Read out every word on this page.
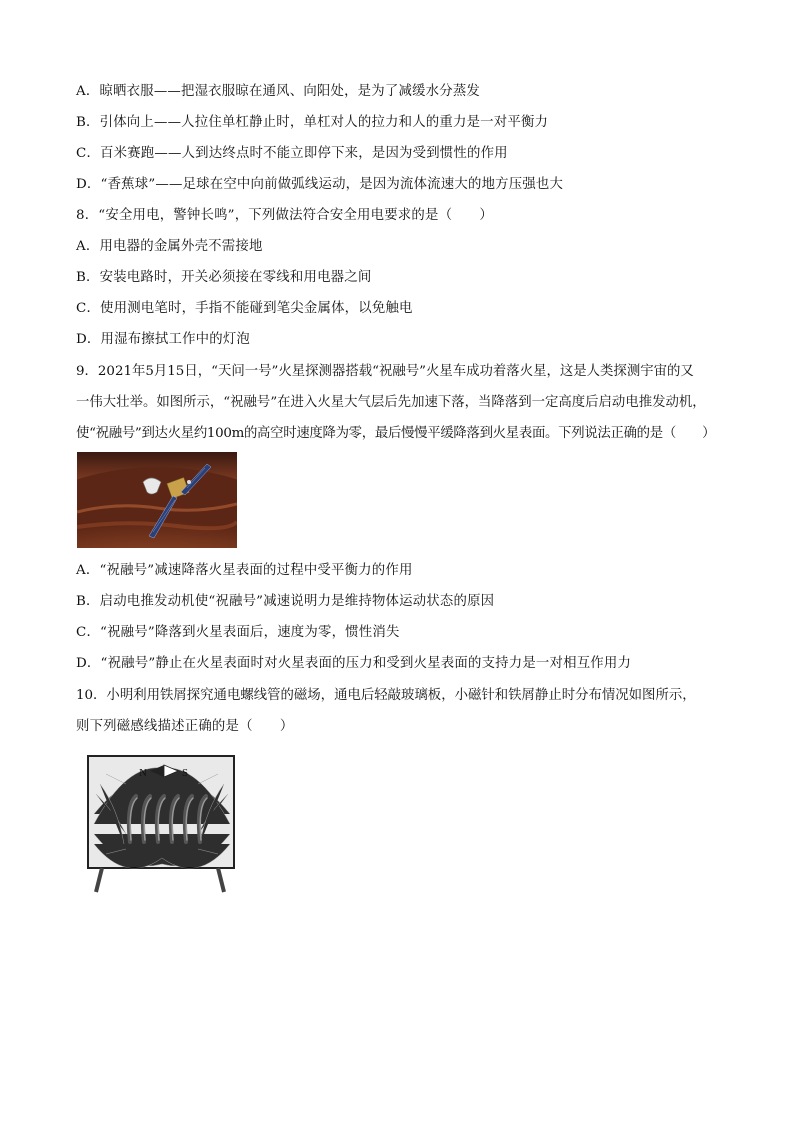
A．晾晒衣服——把湿衣服晾在通风、向阳处，是为了减缓水分蒸发
B．引体向上——人拉住单杠静止时，单杠对人的拉力和人的重力是一对平衡力
C．百米赛跑——人到达终点时不能立即停下来，是因为受到惯性的作用
D．“香蕉球”——足球在空中向前做弧线运动，是因为流体流速大的地方压强也大
8．“安全用电，警钟长鸣”，下列做法符合安全用电要求的是（　　）
A．用电器的金属外壳不需接地
B．安装电路时，开关必须接在零线和用电器之间
C．使用测电笔时，手指不能碰到笔尖金属体，以免触电
D．用湿布擦拭工作中的灯泡
9．2021年5月15日，“天问一号”火星探测器搭载“祝融号”火星车成功着落火星，这是人类探测宇宙的又
一伟大壮举。如图所示，“祝融号”在进入火星大气层后先加速下落，当降落到一定高度后启动电推发动机，
使“祝融号”到达火星约100m的高空时速度降为零，最后慢慢平缓降落到火星表面。下列说法正确的是（　　）
A．“祝融号”减速降落火星表面的过程中受平衡力的作用
B．启动电推发动机使“祝融号”减速说明力是维持物体运动状态的原因
C．“祝融号”降落到火星表面后，速度为零，惯性消失
D．“祝融号”静止在火星表面时对火星表面的压力和受到火星表面的支持力是一对相互作用力
10．小明利用铁屑探究通电螺线管的磁场，通电后轻敲玻璃板，小磁针和铁屑静止时分布情况如图所示，
则下列磁感线描述正确的是（　　）
N	S
